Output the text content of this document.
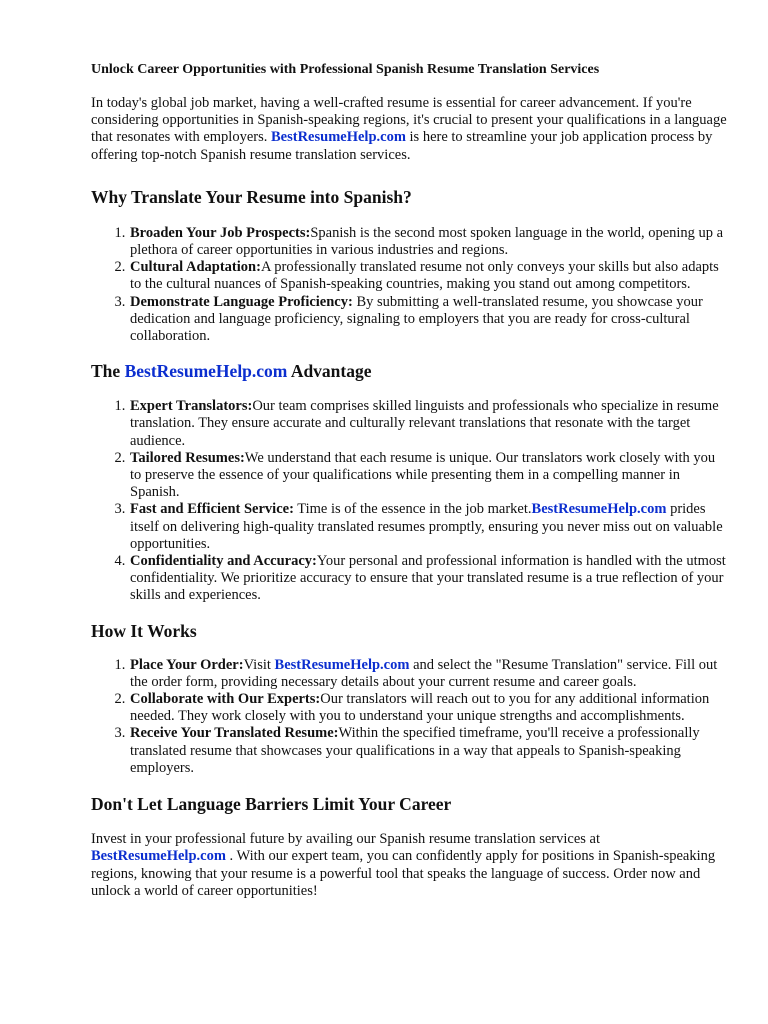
Unlock Career Opportunities with Professional Spanish Resume Translation Services

In today's global job market, having a well-crafted resume is essential for career advancement. If you're considering opportunities in Spanish-speaking regions, it's crucial to present your qualifications in a language that resonates with employers. BestResumeHelp.com is here to streamline your job application process by offering top-notch Spanish resume translation services.

Why Translate Your Resume into Spanish?
1. Broaden Your Job Prospects:Spanish is the second most spoken language in the world, opening up a plethora of career opportunities in various industries and regions.
2. Cultural Adaptation:A professionally translated resume not only conveys your skills but also adapts to the cultural nuances of Spanish-speaking countries, making you stand out among competitors.
3. Demonstrate Language Proficiency: By submitting a well-translated resume, you showcase your dedication and language proficiency, signaling to employers that you are ready for cross-cultural collaboration.
The BestResumeHelp.com Advantage
1. Expert Translators:Our team comprises skilled linguists and professionals who specialize in resume translation. They ensure accurate and culturally relevant translations that resonate with the target audience.
2. Tailored Resumes:We understand that each resume is unique. Our translators work closely with you to preserve the essence of your qualifications while presenting them in a compelling manner in Spanish.
3. Fast and Efficient Service: Time is of the essence in the job market.BestResumeHelp.com prides itself on delivering high-quality translated resumes promptly, ensuring you never miss out on valuable opportunities.
4. Confidentiality and Accuracy:Your personal and professional information is handled with the utmost confidentiality. We prioritize accuracy to ensure that your translated resume is a true reflection of your skills and experiences.
How It Works
1. Place Your Order:Visit BestResumeHelp.com and select the "Resume Translation" service. Fill out the order form, providing necessary details about your current resume and career goals.
2. Collaborate with Our Experts:Our translators will reach out to you for any additional information needed. They work closely with you to understand your unique strengths and accomplishments.
3. Receive Your Translated Resume:Within the specified timeframe, you'll receive a professionally translated resume that showcases your qualifications in a way that appeals to Spanish-speaking employers.
Don't Let Language Barriers Limit Your Career

Invest in your professional future by availing our Spanish resume translation services at BestResumeHelp.com . With our expert team, you can confidently apply for positions in Spanish-speaking regions, knowing that your resume is a powerful tool that speaks the language of success. Order now and unlock a world of career opportunities!
